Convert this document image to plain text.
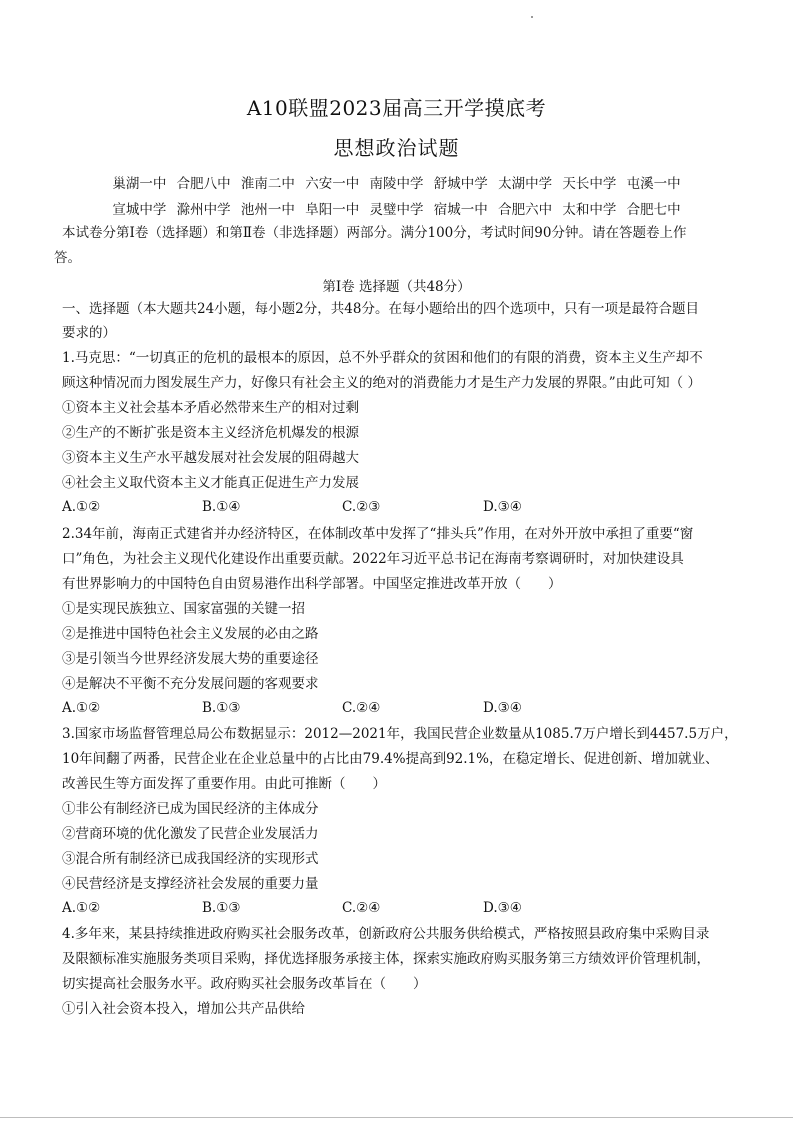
A10联盟2023届高三开学摸底考
思想政治试题
巢湖一中 合肥八中 淮南二中 六安一中 南陵中学 舒城中学 太湖中学 天长中学 屯溪一中
宣城中学 滁州中学 池州一中 阜阳一中 灵璧中学 宿城一中 合肥六中 太和中学 合肥七中
本试卷分第Ⅰ卷（选择题）和第Ⅱ卷（非选择题）两部分。满分100分，考试时间90分钟。请在答题卷上作
答。
第Ⅰ卷 选择题（共48分）
一、选择题（本大题共24小题，每小题2分，共48分。在每小题给出的四个选项中，只有一项是最符合题目
要求的）
1.马克思：“一切真正的危机的最根本的原因，总不外乎群众的贫困和他们的有限的消费，资本主义生产却不
顾这种情况而力图发展生产力，好像只有社会主义的绝对的消费能力才是生产力发展的界限。”由此可知（ ）
①资本主义社会基本矛盾必然带来生产的相对过剩
②生产的不断扩张是资本主义经济危机爆发的根源
③资本主义生产水平越发展对社会发展的阻碍越大
④社会主义取代资本主义才能真正促进生产力发展
A.①②	B.①④	C.②③	D.③④
2.34年前，海南正式建省并办经济特区，在体制改革中发挥了“排头兵”作用，在对外开放中承担了重要“窗
口”角色，为社会主义现代化建设作出重要贡献。2022年习近平总书记在海南考察调研时，对加快建设具
有世界影响力的中国特色自由贸易港作出科学部署。中国坚定推进改革开放（　　）
①是实现民族独立、国家富强的关键一招
②是推进中国特色社会主义发展的必由之路
③是引领当今世界经济发展大势的重要途径
④是解决不平衡不充分发展问题的客观要求
A.①②	B.①③	C.②④	D.③④
3.国家市场监督管理总局公布数据显示：2012—2021年，我国民营企业数量从1085.7万户增长到4457.5万户，
10年间翻了两番，民营企业在企业总量中的占比由79.4%提高到92.1%，在稳定增长、促进创新、增加就业、
改善民生等方面发挥了重要作用。由此可推断（　　）
①非公有制经济已成为国民经济的主体成分
②营商环境的优化激发了民营企业发展活力
③混合所有制经济已成我国经济的实现形式
④民营经济是支撑经济社会发展的重要力量
A.①②	B.①③	C.②④	D.③④
4.多年来，某县持续推进政府购买社会服务改革，创新政府公共服务供给模式，严格按照县政府集中采购目录
及限额标准实施服务类项目采购，择优选择服务承接主体，探索实施政府购买服务第三方绩效评价管理机制，
切实提高社会服务水平。政府购买社会服务改革旨在（　　）
①引入社会资本投入，增加公共产品供给
